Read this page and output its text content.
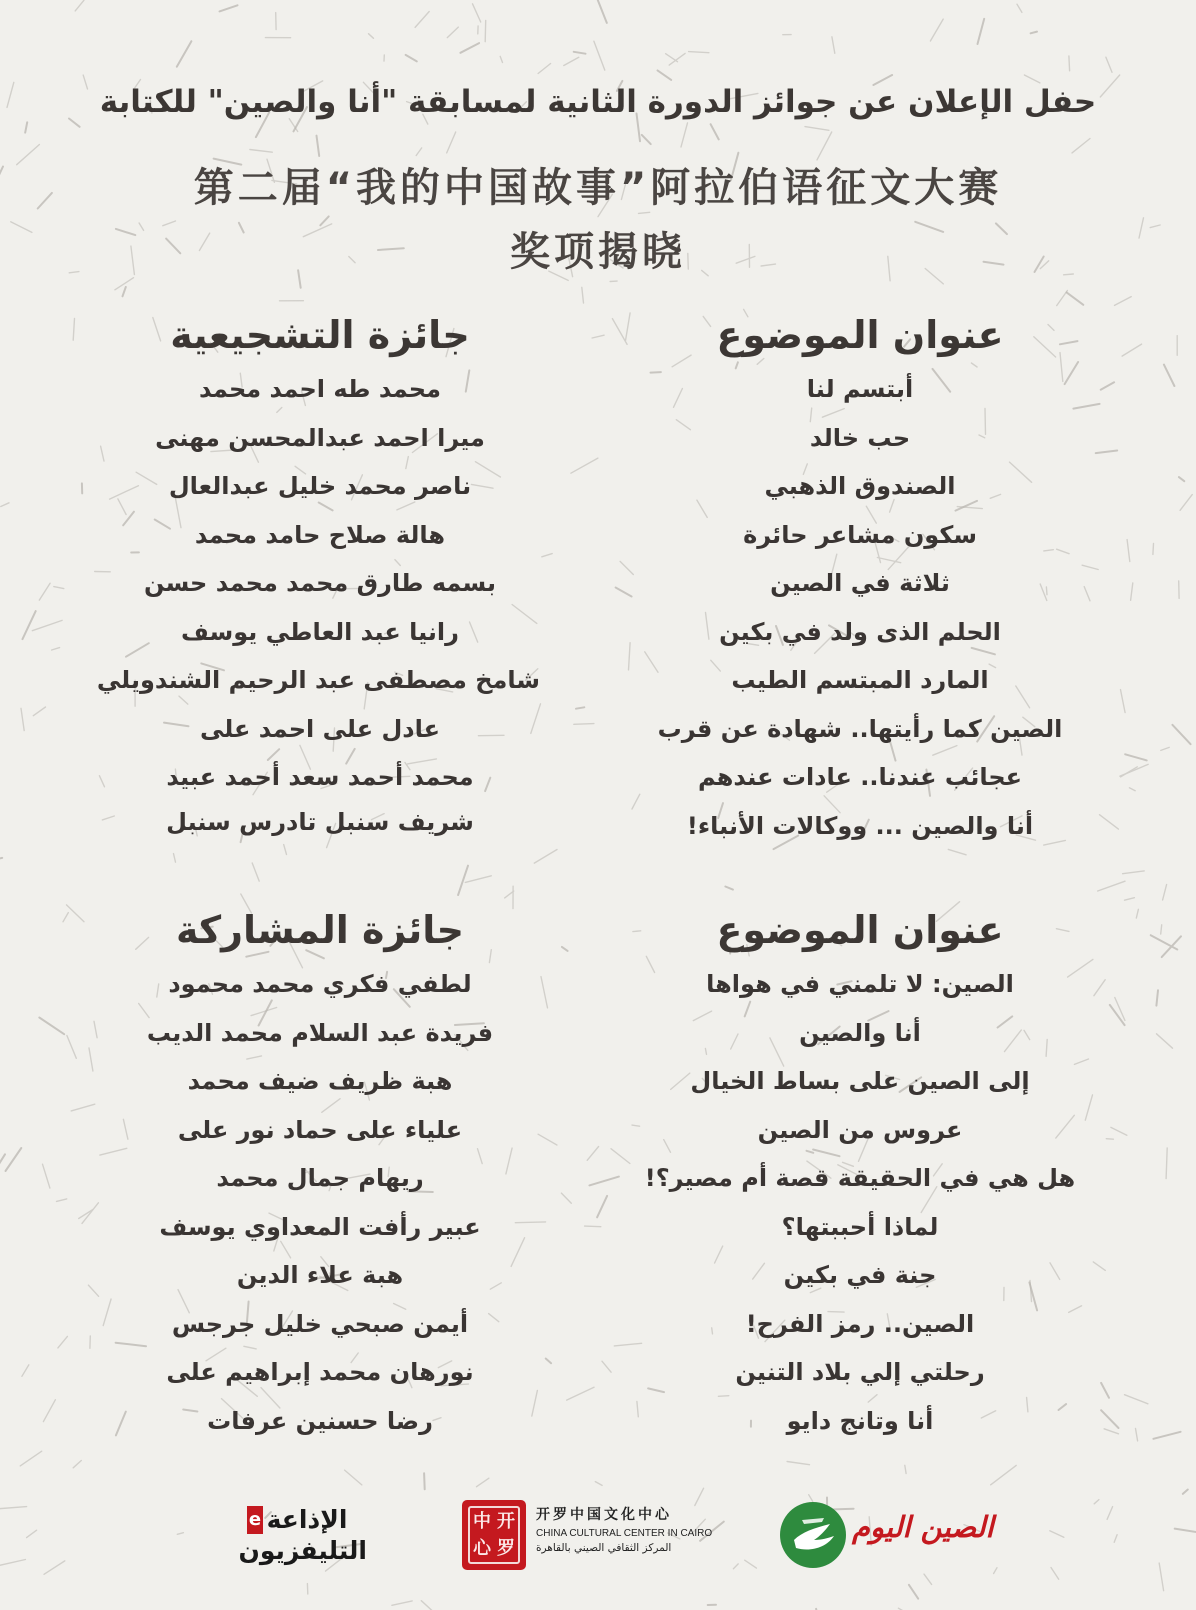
حفل الإعلان عن جوائز الدورة الثانية لمسابقة "أنا والصين" للكتابة
第二届“我的中国故事”阿拉伯语征文大赛
奖项揭晓
جائزة التشجيعية
محمد طه احمد محمد
ميرا احمد عبدالمحسن مهنى
ناصر محمد خليل عبدالعال
هالة صلاح حامد محمد
بسمه طارق محمد محمد حسن
رانيا عبد العاطي يوسف
شامخ مصطفى عبد الرحيم الشندويلي
عادل على احمد على
محمد أحمد سعد أحمد عبيد
شريف سنبل تادرس سنبل
عنوان الموضوع
أبتسم لنا
حب خالد
الصندوق الذهبي
سكون مشاعر حائرة
ثلاثة في الصين
الحلم الذى ولد في بكين
المارد المبتسم الطيب
الصين كما رأيتها.. شهادة عن قرب
عجائب عندنا.. عادات عندهم
أنا والصين ... ووكالات الأنباء!
جائزة المشاركة
لطفي فكري محمد محمود
فريدة عبد السلام محمد الديب
هبة ظريف ضيف محمد
علياء على حماد نور على
ريهام جمال محمد
عبير رأفت المعداوي يوسف
هبة علاء الدين
أيمن صبحي خليل جرجس
نورهان محمد إبراهيم على
رضا حسنين عرفات
عنوان الموضوع
الصين: لا تلمني في هواها
أنا والصين
إلى الصين على بساط الخيال
عروس من الصين
هل هي في الحقيقة قصة أم مصير؟!
لماذا أحببتها؟
جنة في بكين
الصين.. رمز الفرح!
رحلتي إلي بلاد التنين
أنا وتانج دايو
e الإذاعة
التليفزيون
中 开
心 罗
开罗中国文化中心
CHINA CULTURAL CENTER IN CAIRO
المركز الثقافي الصيني بالقاهرة
الصين اليوم
